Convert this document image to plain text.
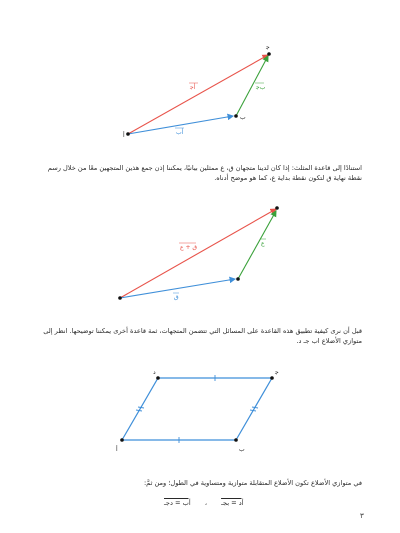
أ
ب
ﺟ
أﺟ	بﺟ
أب
استنادًا إلى قاعدة المثلث: إذا كان لدينا متجهان ق، ع ممثلين بيانيًا، يمكننا إذن جمع هذين المتجهين معًا من خلال رسم نقطة نهاية ق لتكون نقطة بداية ع، كما هو موضح أدناه.
ق + ع
ق
ع
قبل أن نرى كيفية تطبيق هذه القاعدة على المسائل التي تتضمن المتجهات، ثمة قاعدة أخرى يمكننا توضيحها. انظر إلى متوازي الأضلاع اب جـ د.
أ	ب
ﺟ
د
في متوازي الأضلاع تكون الأضلاع المتقابلة متوازية ومتساوية في الطول؛ ومن ثمَّ:
أد = بجـ ، أب = دجـ
٣
